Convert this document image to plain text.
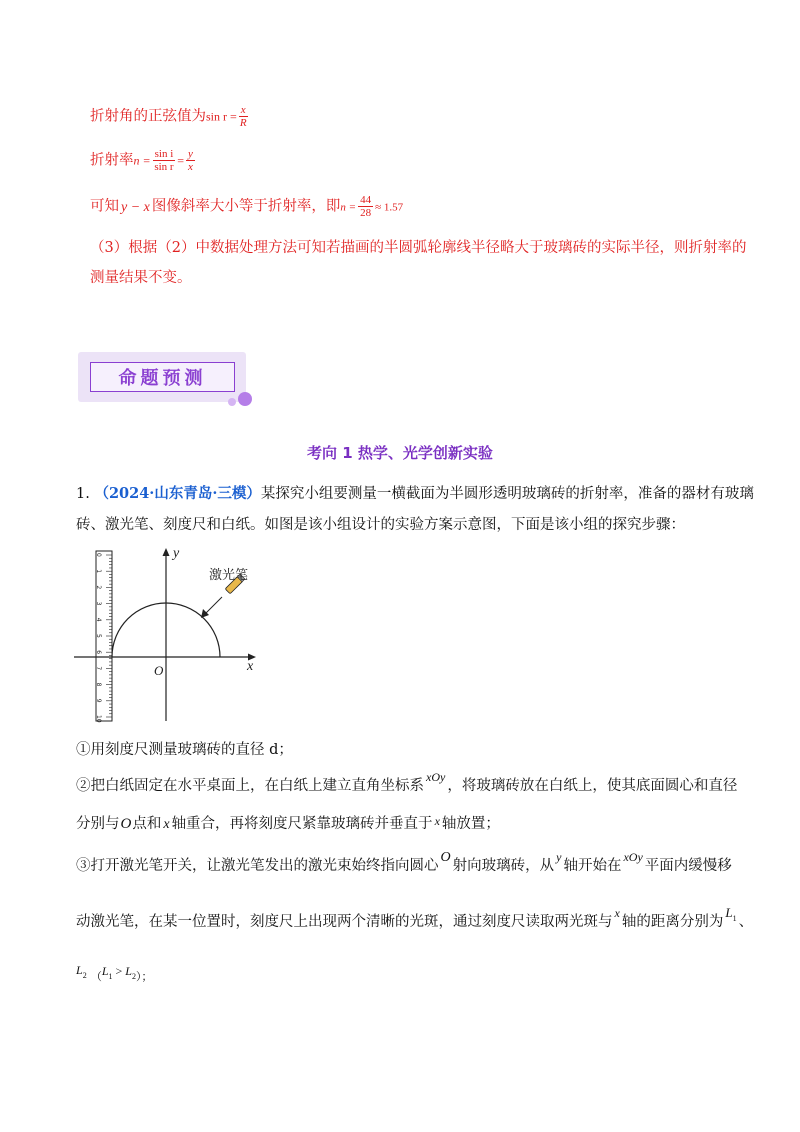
折射角的正弦值为$\sin r = \frac{x}{R}$
折射率$n = \frac{\text{sin i}}{\text{sin r}} = \frac{y}{x}$
可知 y − x 图像斜率大小等于折射率，即$n = \frac{44}{28} \approx 1.57$
（3）根据（2）中数据处理方法可知若描画的半圆弧轮廓线半径略大于玻璃砖的实际半径，则折射率的
测量结果不变。
命题预测
考向 1 热学、光学创新实验
1. （2024·山东青岛·三模）某探究小组要测量一横截面为半圆形透明玻璃砖的折射率，准备的器材有玻璃
砖、激光笔、刻度尺和白纸。如图是该小组设计的实验方案示意图，下面是该小组的探究步骤：
0
1
2
3
4
5
6
7
8
9
10
激光笔
x
y
O
①用刻度尺测量玻璃砖的直径 d；
②把白纸固定在水平桌面上，在白纸上建立直角坐标系$^{xOy}$，将玻璃砖放在白纸上，使其底面圆心和直径
分别与O点和 x 轴重合，再将刻度尺紧靠玻璃砖并垂直于 $^x$ 轴放置；
③打开激光笔开关，让激光笔发出的激光束始终指向圆心O射向玻璃砖，从$^y$轴开始在$^{xOy}$平面内缓慢移
动激光笔，在某一位置时，刻度尺上出现两个清晰的光斑，通过刻度尺读取两光斑与$^x$轴的距离分别为$L_1$ 、
$L_2$ $(L_1 > L_2)$；
